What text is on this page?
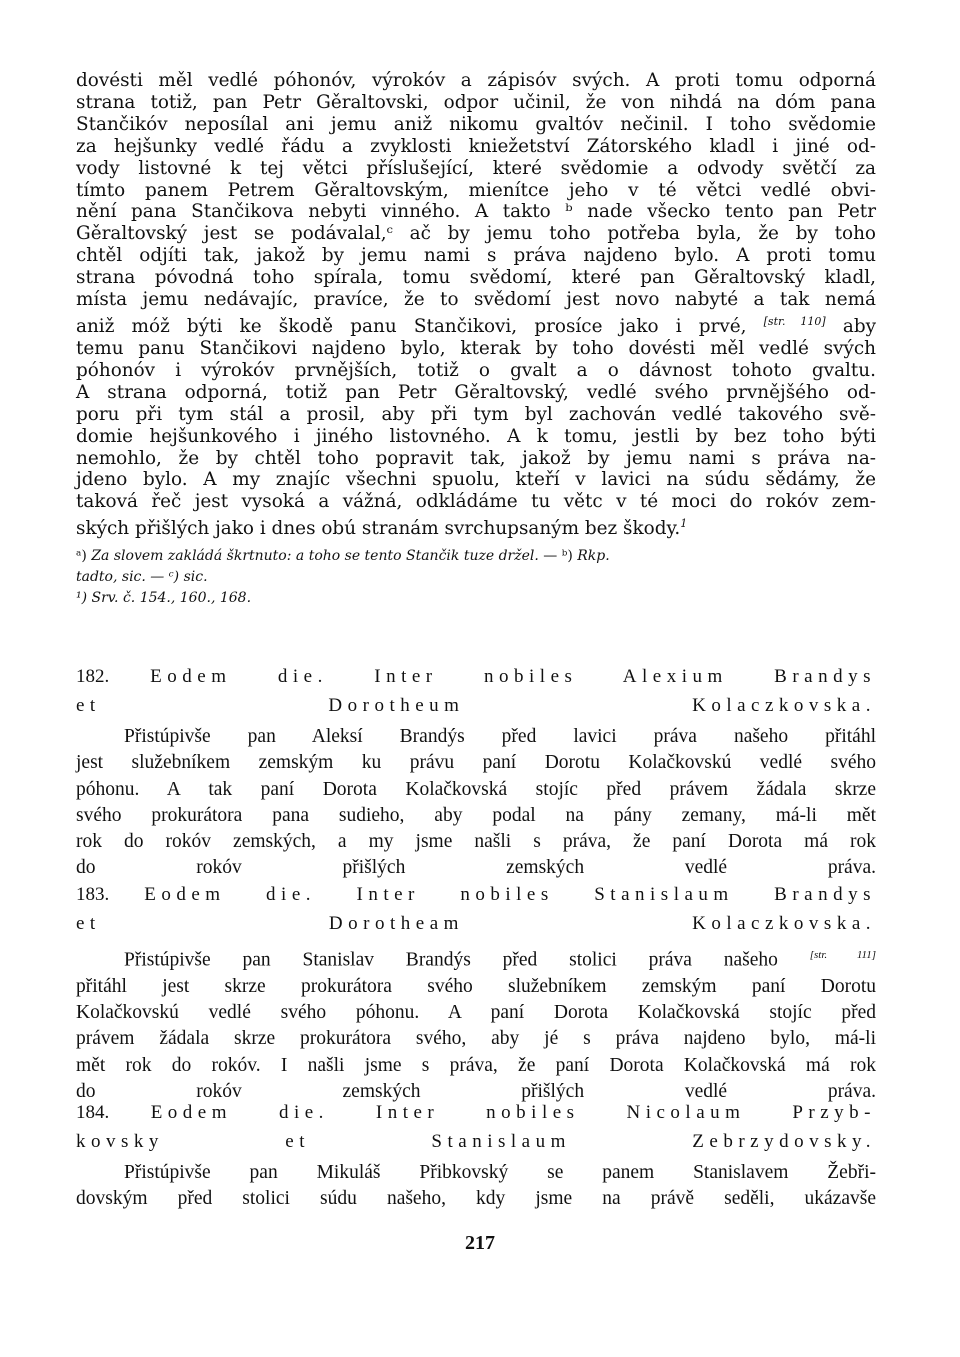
dovésti měl vedlé póhonóv, výrokóv a zápisóv svých. A proti tomu odporná
strana totiž, pan Petr Gěraltovski, odpor učinil, že von nihdá na dóm pana
Stančikóv neposílal ani jemu aniž nikomu gvaltóv nečinil. I toho svědomie
za hejšunky vedlé řádu a zvyklosti kniežetství Zátorského kladl i jiné od-
vody listovné k tej větci příslušející, které svědomie a odvody světčí za
tímto panem Petrem Gěraltovským, mienítce jeho v té větci vedlé obvi-
nění pana Stančikova nebyti vinného. A takto ᵇ nade všecko tento pan Petr
Gěraltovský jest se podávalal,ᶜ ač by jemu toho potřeba byla, že by toho
chtěl odjíti tak, jakož by jemu nami s práva najdeno bylo. A proti tomu
strana póvodná toho spírala, tomu svědomí, které pan Gěraltovský kladl,
místa jemu nedávajíc, pravíce, že to svědomí jest novo nabyté a tak nemá
aniž móž býti ke škodě panu Stančikovi, prosíce jako i prvé, [str. 110] aby
temu panu Stančikovi najdeno bylo, kterak by toho dovésti měl vedlé svých
póhonóv i výrokóv prvnějších, totiž o gvalt a o dávnost tohoto gvaltu.
A strana odporná, totiž pan Petr Gěraltovský, vedlé svého prvnějšého od-
poru při tym stál a prosil, aby při tym byl zachován vedlé takového svě-
domie hejšunkového i jiného listovného. A k tomu, jestli by bez toho býti
nemohlo, že by chtěl toho popravit tak, jakož by jemu nami s práva na-
jdeno bylo. A my znajíc všechni spuolu, kteří v lavici na súdu sědámy, že
taková řeč jest vysoká a vážná, odkládáme tu větc v té moci do rokóv zem-
ských přišlých jako i dnes obú stranám svrchupsaným bez škody.$^1$
ᵃ) Za slovem zakládá škrtnuto: a toho se tento Stančik tuze držel. — ᵇ) Rkp.
tadto, sic. — ᶜ) sic.
¹) Srv. č. 154., 160., 168.
182. Eodem die. Inter nobiles Alexium Brandys
et Dorotheum Kolaczkovska.
Přistúpivše pan Aleksí Brandýs před lavici práva našeho přitáhl
jest služebníkem zemským ku právu paní Dorotu Kolačkovskú vedlé svého
póhonu. A tak paní Dorota Kolačkovská stojíc před právem žádala skrze
svého prokurátora pana sudieho, aby podal na pány zemany, má-li mět
rok do rokóv zemských, a my jsme našli s práva, že paní Dorota má rok
do rokóv přišlých zemských vedlé práva.
183. Eodem die. Inter nobiles Stanislaum Brandys
et Dorotheam Kolaczkovska.
Přistúpivše pan Stanislav Brandýs před stolici práva našeho	[str. 111]
přitáhl jest skrze prokurátora svého služebníkem zemským paní Dorotu
Kolačkovskú vedlé svého póhonu. A paní Dorota Kolačkovská stojíc před
právem žádala skrze prokurátora svého, aby jé s práva najdeno bylo, má-li
mět rok do rokóv. I našli jsme s práva, že paní Dorota Kolačkovská má rok
do rokóv zemských přišlých vedlé práva.
184. Eodem die. Inter nobiles Nicolaum Przyb-
kovsky et Stanislaum Zebrzydovsky.
Přistúpivše pan Mikuláš Přibkovský se panem Stanislavem Žebři-
dovským před stolici súdu našeho, kdy jsme na právě seděli, ukázavše
217
